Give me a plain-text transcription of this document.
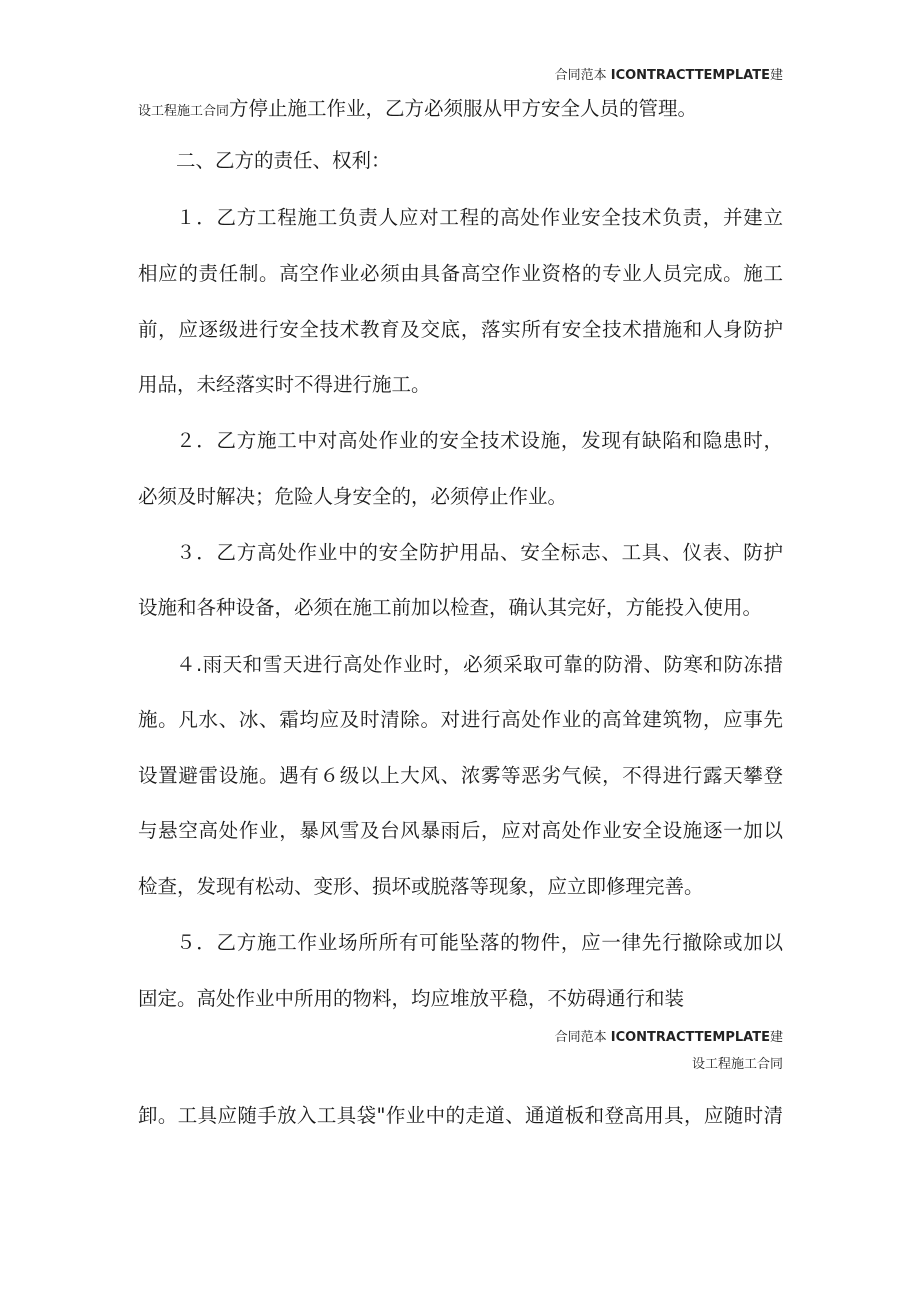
合同范本 ICONTRACTTEMPLATE建
设工程施工合同方停止施工作业，乙方必须服从甲方安全人员的管理。
二、乙方的责任、权利：
１．乙方工程施工负责人应对工程的高处作业安全技术负责，并建立
相应的责任制。高空作业必须由具备高空作业资格的专业人员完成。施工
前，应逐级进行安全技术教育及交底，落实所有安全技术措施和人身防护
用品，未经落实时不得进行施工。
２．乙方施工中对高处作业的安全技术设施，发现有缺陷和隐患时，
必须及时解决；危险人身安全的，必须停止作业。
３．乙方高处作业中的安全防护用品、安全标志、工具、仪表、防护
设施和各种设备，必须在施工前加以检查，确认其完好，方能投入使用。
４.雨天和雪天进行高处作业时，必须采取可靠的防滑、防寒和防冻措
施。凡水、冰、霜均应及时清除。对进行高处作业的高耸建筑物，应事先
设置避雷设施。遇有６级以上大风、浓雾等恶劣气候，不得进行露天攀登
与悬空高处作业，暴风雪及台风暴雨后，应对高处作业安全设施逐一加以
检查，发现有松动、变形、损坏或脱落等现象，应立即修理完善。
５．乙方施工作业场所所有可能坠落的物件，应一律先行撤除或加以
固定。高处作业中所用的物料，均应堆放平稳，不妨碍通行和装
合同范本 ICONTRACTTEMPLATE建
设工程施工合同
卸。工具应随手放入工具袋"作业中的走道、通道板和登高用具，应随时清
